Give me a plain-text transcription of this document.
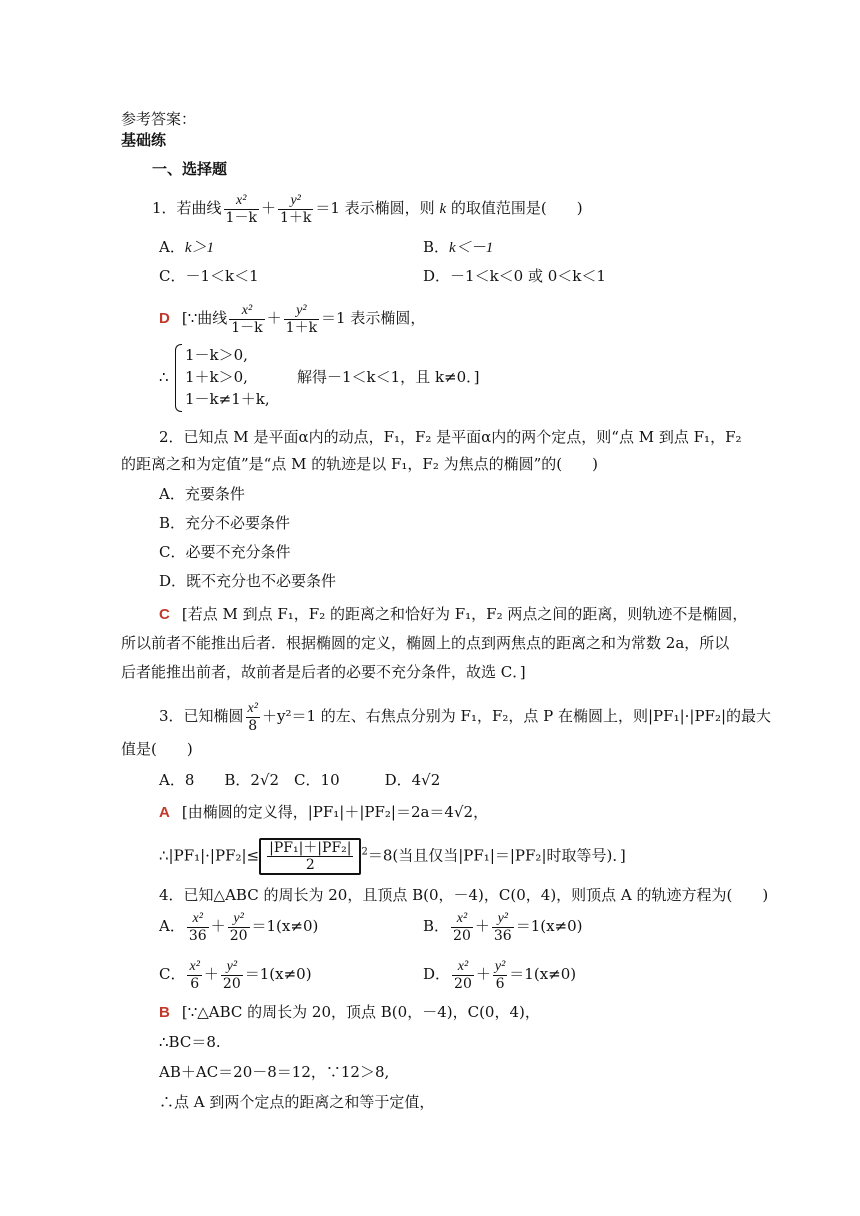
参考答案：
基础练
一、选择题
1．若曲线 $\frac{\text{x²}}{1-k} + \frac{\text{y²}}{1+k} =1$ 表示椭圆，则 k 的取值范围是(　　)
A．k＞1	B．k＜－1
C．－1＜k＜1	D．－1＜k＜0 或 0＜k＜1
D [∵曲线 $\frac{\text{x²}}{1-k} + \frac{\text{y²}}{1+k} =1$ 表示椭圆，
∴
1－k＞0,
1＋k＞0,
1－k≠1＋k,
解得－1＜k＜1，且 k≠0．]
2．已知点 M 是平面α内的动点，F₁，F₂ 是平面α内的两个定点，则“点 M 到点 F₁，F₂
的距离之和为定值”是“点 M 的轨迹是以 F₁，F₂ 为焦点的椭圆”的(　　)
A．充要条件
B．充分不必要条件
C．必要不充分条件
D．既不充分也不必要条件
C [若点 M 到点 F₁，F₂ 的距离之和恰好为 F₁，F₂ 两点之间的距离，则轨迹不是椭圆，
所以前者不能推出后者．根据椭圆的定义，椭圆上的点到两焦点的距离之和为常数 2a，所以
后者能推出前者，故前者是后者的必要不充分条件，故选 C．]
3．已知椭圆 $\frac{\text{x²}}{8} +y^2=1$ 的左、右焦点分别为 F₁，F₂，点 P 在椭圆上，则|PF₁|·|PF₂|的最大
值是(　　)
A．8　　B．2√2　C．10　　　D．4√2
A [由椭圆的定义得，|PF₁|＋|PF₂|＝2a＝4√2，
∴|PF₁|·|PF₂|≤ $\frac{\text{|PF₁|＋|PF₂|}}{2} ^2=8$(当且仅当|PF₁|＝|PF₂|时取等号)．]
4．已知△ABC 的周长为 20，且顶点 B(0，－4)，C(0，4)，则顶点 A 的轨迹方程为(　　)
A． $\frac{\text{x²}}{36} + \frac{\text{y²}}{20} =1(x\ne 0)$	B． $\frac{\text{x²}}{20} + \frac{\text{y²}}{36} =1(x\ne 0)$
C． $\frac{\text{x²}}{6} + \frac{\text{y²}}{20} =1(x\ne 0)$	D． $\frac{\text{x²}}{20} + \frac{\text{y²}}{6} =1(x\ne 0)$
B [∵△ABC 的周长为 20，顶点 B(0，－4)，C(0，4)，
∴BC＝8.
AB＋AC＝20－8＝12，∵12＞8,
∴点 A 到两个定点的距离之和等于定值，
